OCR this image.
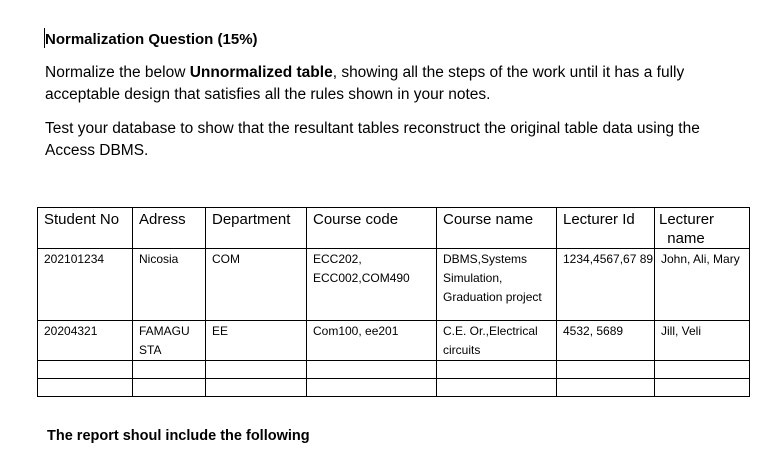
Normalization Question (15%)
Normalize the below Unnormalized table, showing all the steps of the work until it has a fully acceptable design that satisfies all the rules shown in your notes.
Test your database to show that the resultant tables reconstruct the original table data using the Access DBMS.
Student No	Adress	Department	Course code	Course name	Lecturer Id	Lecturer
name

202101234	Nicosia	COM	ECC202, ECC002,COM490	DBMS,Systems Simulation, Graduation project	1234,4567,67 89	John, Ali, Mary
20204321	FAMAGU STA	EE	Com100, ee201	C.E. Or.,Electrical circuits	4532, 5689	Jill, Veli

The report shoul include the following
